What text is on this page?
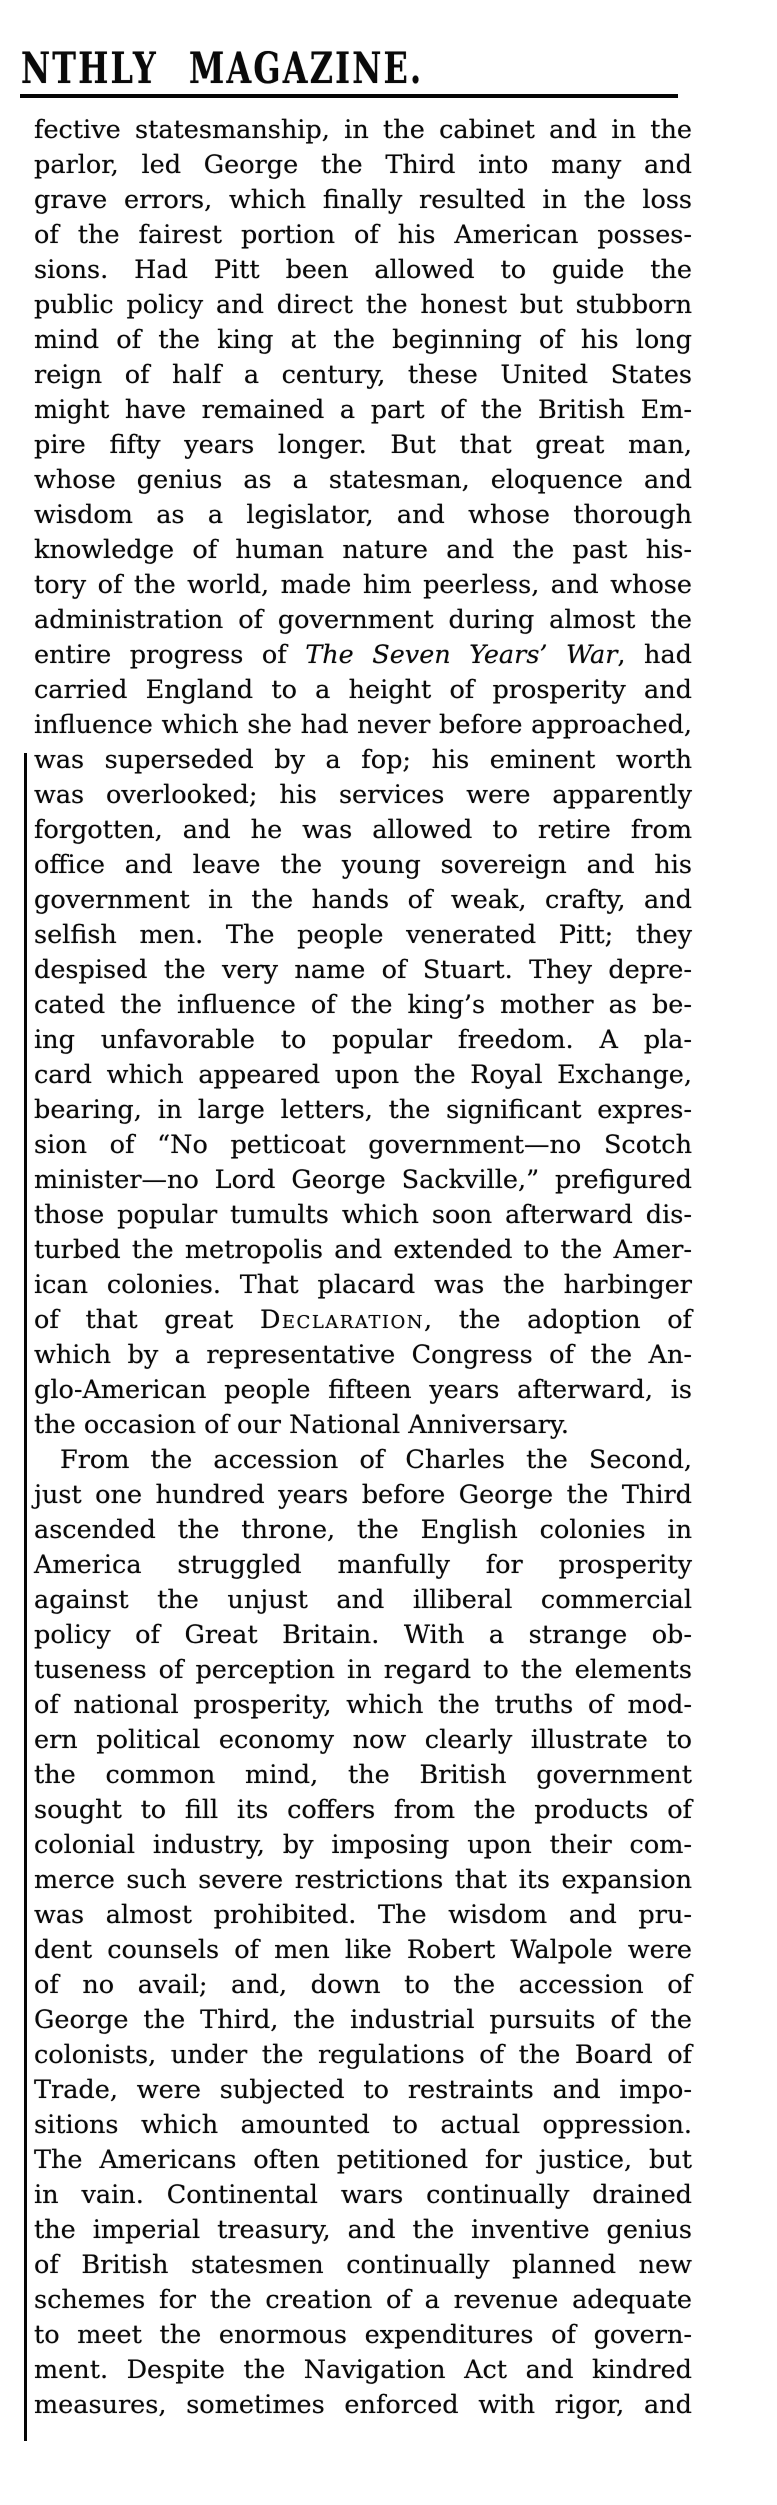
NTHLY MAGAZINE.
fective statesmanship, in the cabinet and in the
parlor, led George the Third into many and
grave errors, which finally resulted in the loss
of the fairest portion of his American posses-
sions. Had Pitt been allowed to guide the
public policy and direct the honest but stubborn
mind of the king at the beginning of his long
reign of half a century, these United States
might have remained a part of the British Em-
pire fifty years longer. But that great man,
whose genius as a statesman, eloquence and
wisdom as a legislator, and whose thorough
knowledge of human nature and the past his-
tory of the world, made him peerless, and whose
administration of government during almost the
entire progress of The Seven Years’ War, had
carried England to a height of prosperity and
influence which she had never before approached,
was superseded by a fop; his eminent worth
was overlooked; his services were apparently
forgotten, and he was allowed to retire from
office and leave the young sovereign and his
government in the hands of weak, crafty, and
selfish men. The people venerated Pitt; they
despised the very name of Stuart. They depre-
cated the influence of the king’s mother as be-
ing unfavorable to popular freedom. A pla-
card which appeared upon the Royal Exchange,
bearing, in large letters, the significant expres-
sion of “No petticoat government—no Scotch
minister—no Lord George Sackville,” prefigured
those popular tumults which soon afterward dis-
turbed the metropolis and extended to the Amer-
ican colonies. That placard was the harbinger
of that great Declaration, the adoption of
which by a representative Congress of the An-
glo-American people fifteen years afterward, is
the occasion of our National Anniversary.
From the accession of Charles the Second,
just one hundred years before George the Third
ascended the throne, the English colonies in
America struggled manfully for prosperity
against the unjust and illiberal commercial
policy of Great Britain. With a strange ob-
tuseness of perception in regard to the elements
of national prosperity, which the truths of mod-
ern political economy now clearly illustrate to
the common mind, the British government
sought to fill its coffers from the products of
colonial industry, by imposing upon their com-
merce such severe restrictions that its expansion
was almost prohibited. The wisdom and pru-
dent counsels of men like Robert Walpole were
of no avail; and, down to the accession of
George the Third, the industrial pursuits of the
colonists, under the regulations of the Board of
Trade, were subjected to restraints and impo-
sitions which amounted to actual oppression.
The Americans often petitioned for justice, but
in vain. Continental wars continually drained
the imperial treasury, and the inventive genius
of British statesmen continually planned new
schemes for the creation of a revenue adequate
to meet the enormous expenditures of govern-
ment. Despite the Navigation Act and kindred
measures, sometimes enforced with rigor, and
